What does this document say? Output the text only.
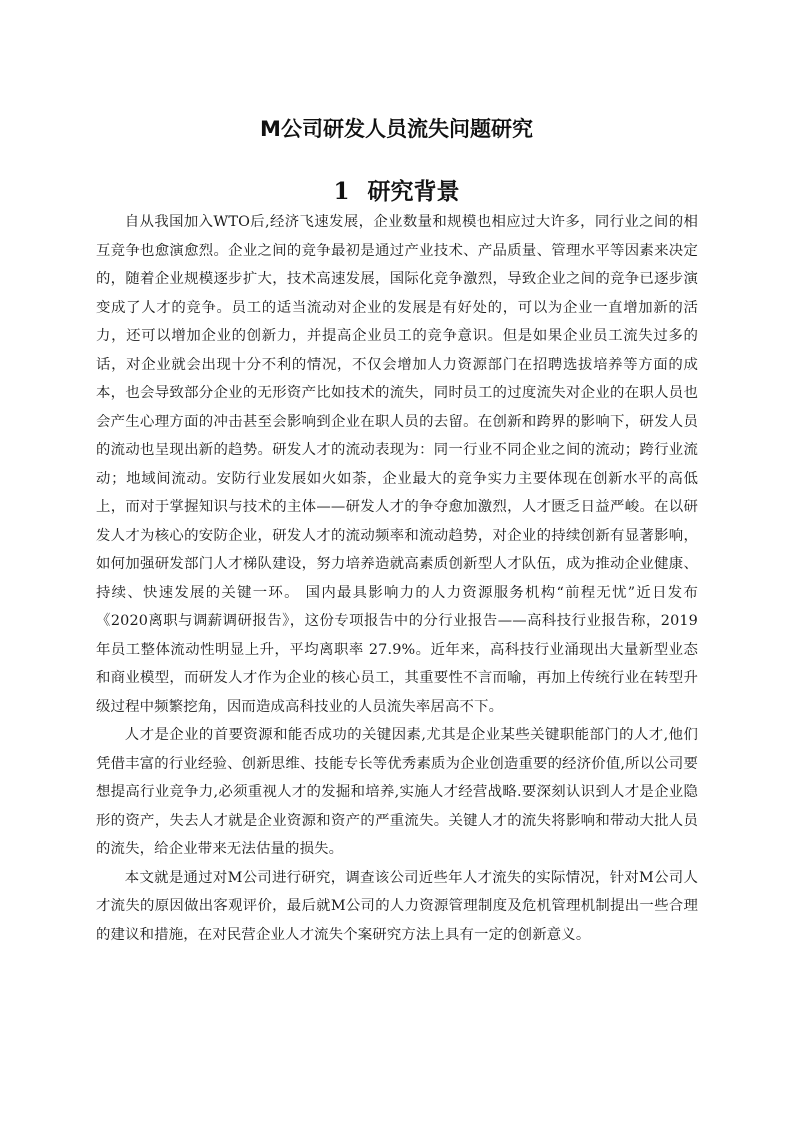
M公司研发人员流失问题研究
1 研究背景

自从我国加入WTO后,经济飞速发展，企业数量和规模也相应过大许多，同行业之间的相互竞争也愈演愈烈。企业之间的竞争最初是通过产业技术、产品质量、管理水平等因素来决定的，随着企业规模逐步扩大，技术高速发展，国际化竞争激烈，导致企业之间的竞争已逐步演变成了人才的竞争。员工的适当流动对企业的发展是有好处的，可以为企业一直增加新的活力，还可以增加企业的创新力，并提高企业员工的竞争意识。但是如果企业员工流失过多的话，对企业就会出现十分不利的情况，不仅会增加人力资源部门在招聘选拔培养等方面的成本，也会导致部分企业的无形资产比如技术的流失，同时员工的过度流失对企业的在职人员也会产生心理方面的冲击甚至会影响到企业在职人员的去留。在创新和跨界的影响下，研发人员的流动也呈现出新的趋势。研发人才的流动表现为：同一行业不同企业之间的流动；跨行业流动；地域间流动。安防行业发展如火如荼，企业最大的竞争实力主要体现在创新水平的高低上，而对于掌握知识与技术的主体——研发人才的争夺愈加激烈，人才匮乏日益严峻。在以研发人才为核心的安防企业，研发人才的流动频率和流动趋势，对企业的持续创新有显著影响，如何加强研发部门人才梯队建设，努力培养造就高素质创新型人才队伍，成为推动企业健康、持续、快速发展的关键一环。 国内最具影响力的人力资源服务机构“前程无忧”近日发布《2020离职与调薪调研报告》，这份专项报告中的分行业报告——高科技行业报告称，2019 年员工整体流动性明显上升，平均离职率 27.9%。近年来，高科技行业涌现出大量新型业态和商业模型，而研发人才作为企业的核心员工，其重要性不言而喻，再加上传统行业在转型升级过程中频繁挖角，因而造成高科技业的人员流失率居高不下。

人才是企业的首要资源和能否成功的关键因素,尤其是企业某些关键职能部门的人才,他们凭借丰富的行业经验、创新思维、技能专长等优秀素质为企业创造重要的经济价值,所以公司要想提高行业竞争力,必须重视人才的发掘和培养,实施人才经营战略.要深刻认识到人才是企业隐形的资产，失去人才就是企业资源和资产的严重流失。关键人才的流失将影响和带动大批人员的流失，给企业带来无法估量的损失。

本文就是通过对M公司进行研究，调查该公司近些年人才流失的实际情况，针对M公司人才流失的原因做出客观评价，最后就M公司的人力资源管理制度及危机管理机制提出一些合理的建议和措施，在对民营企业人才流失个案研究方法上具有一定的创新意义。
